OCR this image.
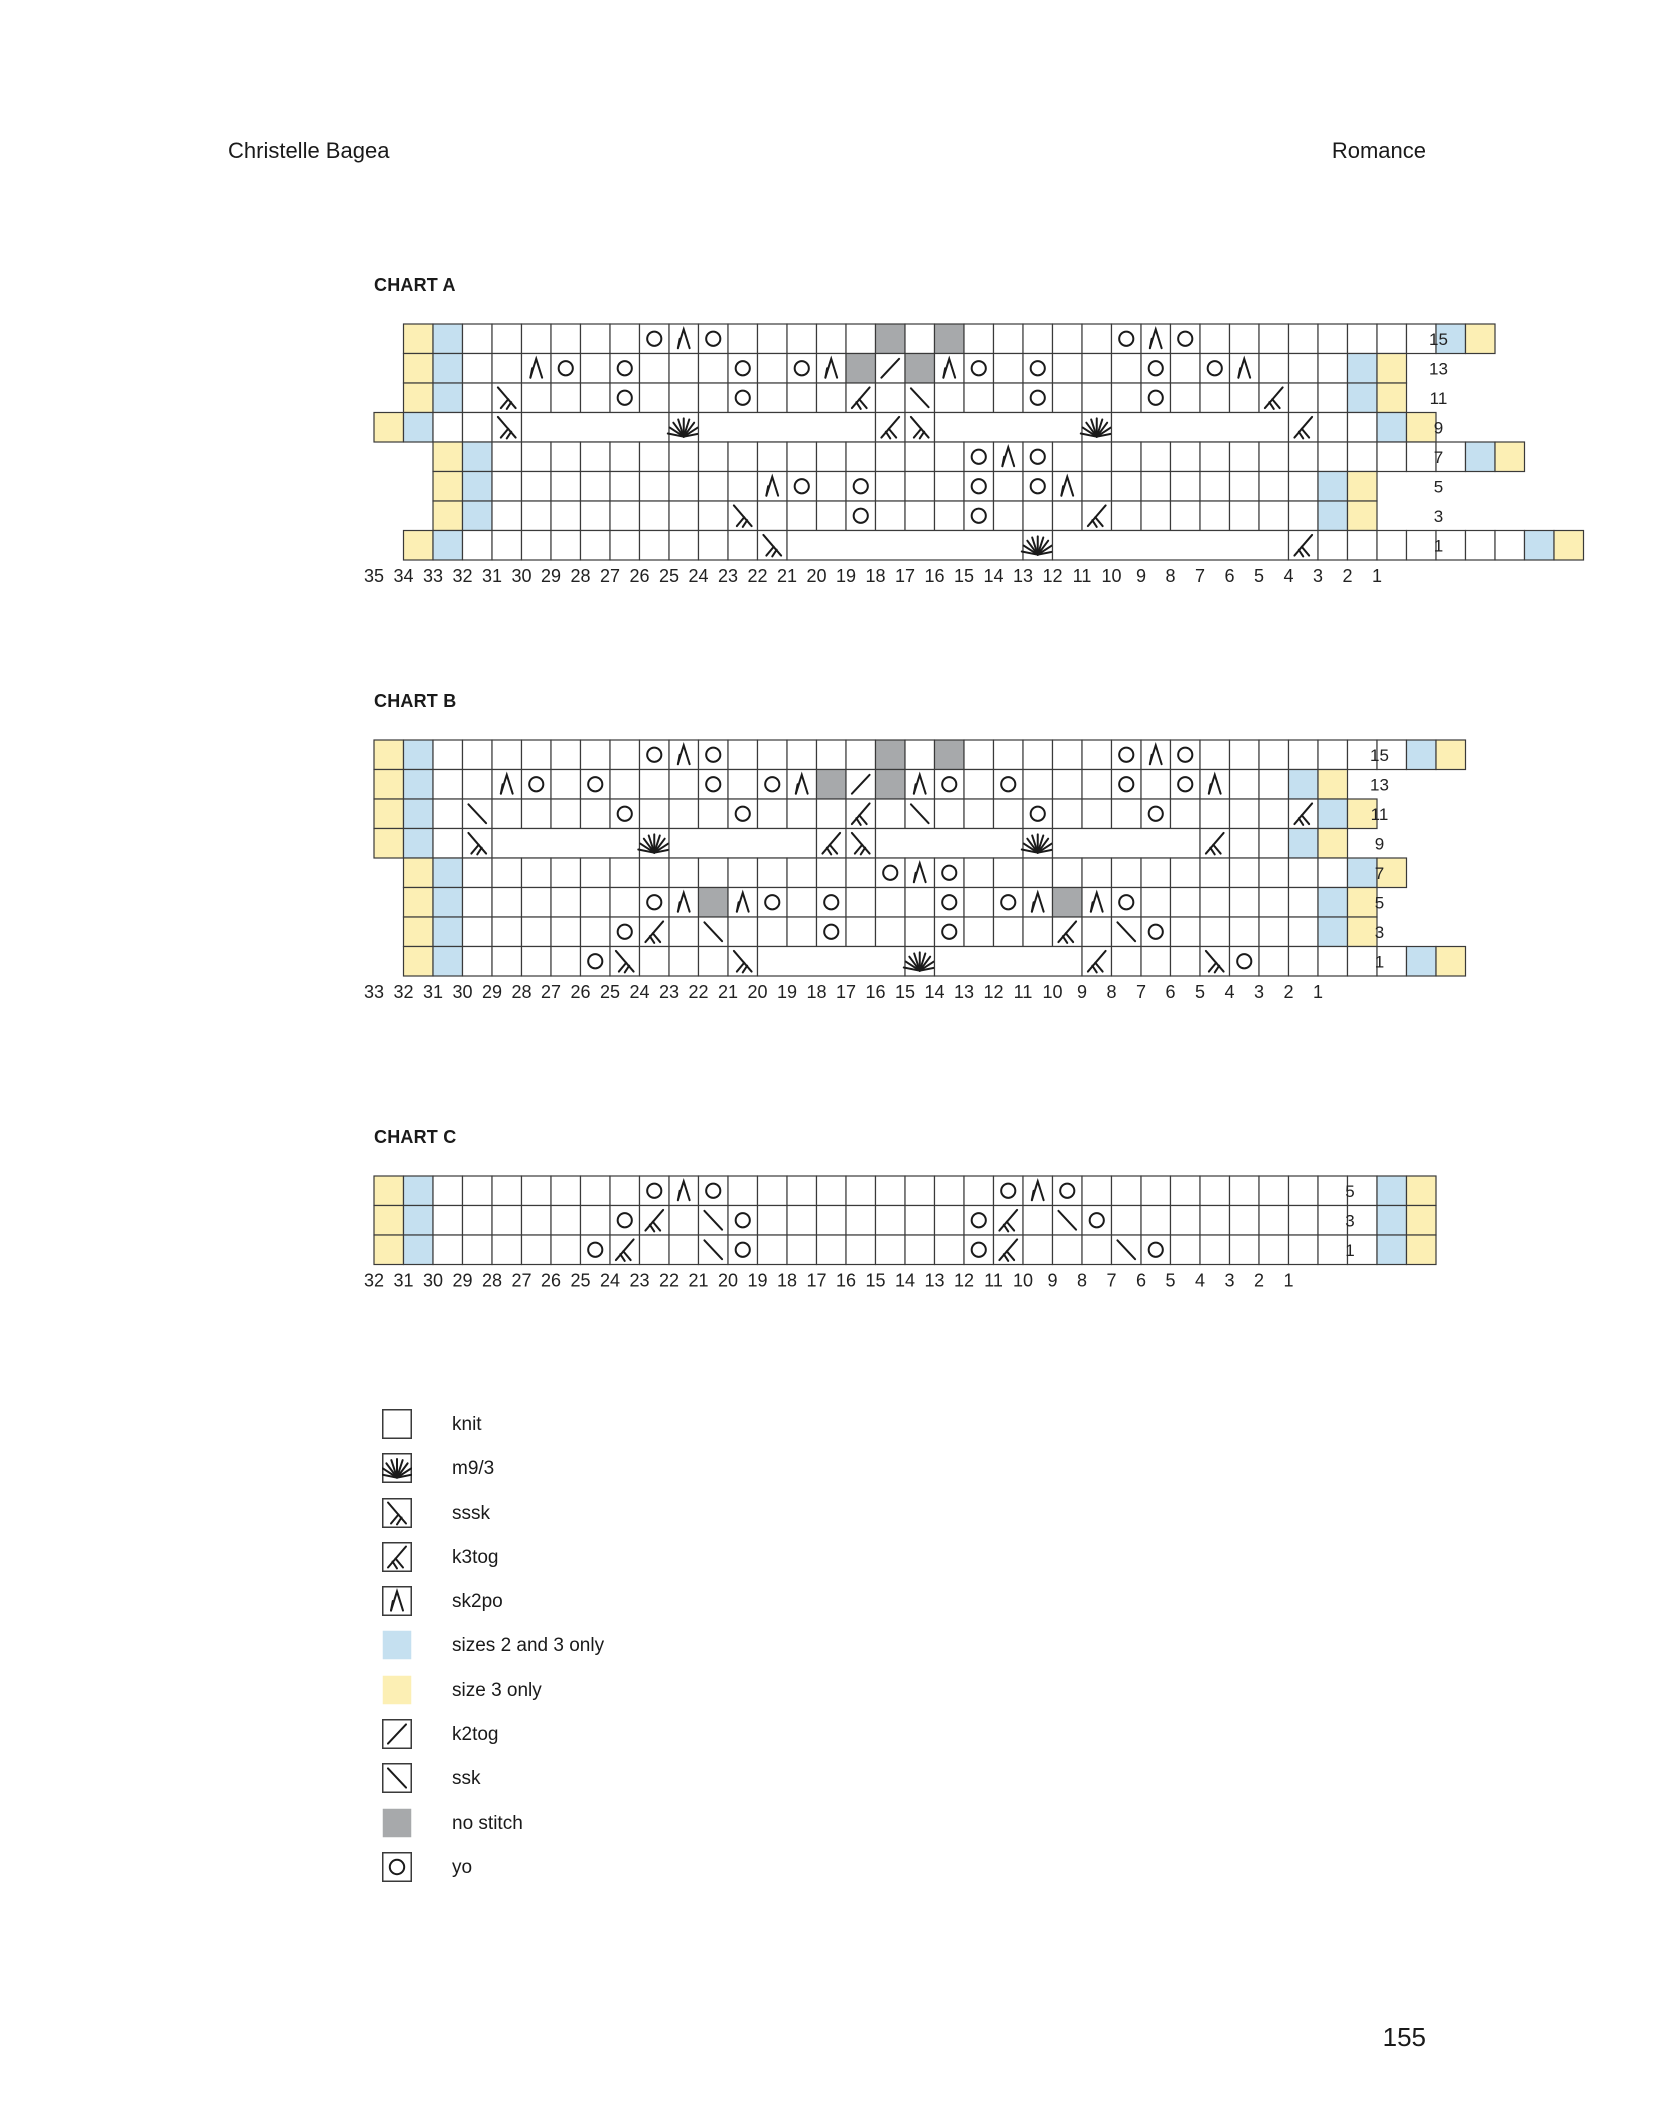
Christelle Bagea	Romance
CHART A
15
13
11
9
7
5
3
1
35 34 33 32 31 30 29 28 27 26 25 24 23 22 21 20 19 18 17 16 15 14 13 12 11 10 9 8 7 6 5 4 3 2 1
CHART B
15
13
11
9
7
5
3
1
33 32 31 30 29 28 27 26 25 24 23 22 21 20 19 18 17 16 15 14 13 12 11 10 9 8 7 6 5 4 3 2 1
CHART C
5
3
1
32 31 30 29 28 27 26 25 24 23 22 21 20 19 18 17 16 15 14 13 12 11 10 9 8 7 6 5 4 3 2 1
knit
m9/3
sssk
k3tog
sk2po
sizes 2 and 3 only
size 3 only
k2tog
ssk
no stitch
yo
155
